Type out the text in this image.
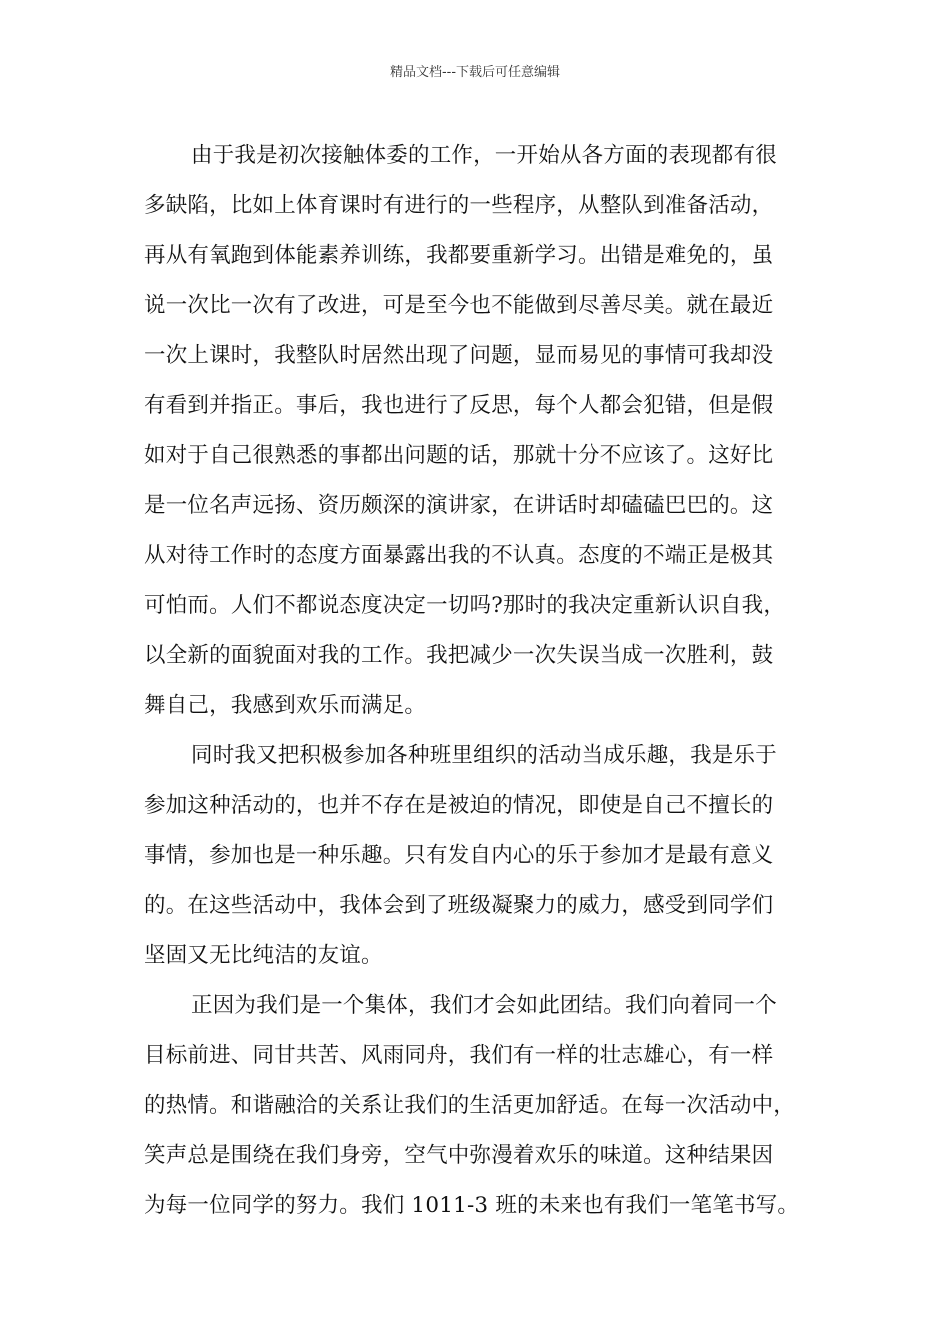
精品文档---下载后可任意编辑
由于我是初次接触体委的工作，一开始从各方面的表现都有很
多缺陷，比如上体育课时有进行的一些程序，从整队到准备活动，
再从有氧跑到体能素养训练，我都要重新学习。出错是难免的，虽
说一次比一次有了改进，可是至今也不能做到尽善尽美。就在最近
一次上课时，我整队时居然出现了问题，显而易见的事情可我却没
有看到并指正。事后，我也进行了反思，每个人都会犯错，但是假
如对于自己很熟悉的事都出问题的话，那就十分不应该了。这好比
是一位名声远扬、资历颇深的演讲家，在讲话时却磕磕巴巴的。这
从对待工作时的态度方面暴露出我的不认真。态度的不端正是极其
可怕而。人们不都说态度决定一切吗?那时的我决定重新认识自我，
以全新的面貌面对我的工作。我把减少一次失误当成一次胜利，鼓
舞自己，我感到欢乐而满足。
同时我又把积极参加各种班里组织的活动当成乐趣，我是乐于
参加这种活动的，也并不存在是被迫的情况，即使是自己不擅长的
事情，参加也是一种乐趣。只有发自内心的乐于参加才是最有意义
的。在这些活动中，我体会到了班级凝聚力的威力，感受到同学们
坚固又无比纯洁的友谊。
正因为我们是一个集体，我们才会如此团结。我们向着同一个
目标前进、同甘共苦、风雨同舟，我们有一样的壮志雄心，有一样
的热情。和谐融洽的关系让我们的生活更加舒适。在每一次活动中，
笑声总是围绕在我们身旁，空气中弥漫着欢乐的味道。这种结果因
为每一位同学的努力。我们 1011-3 班的未来也有我们一笔笔书写。
